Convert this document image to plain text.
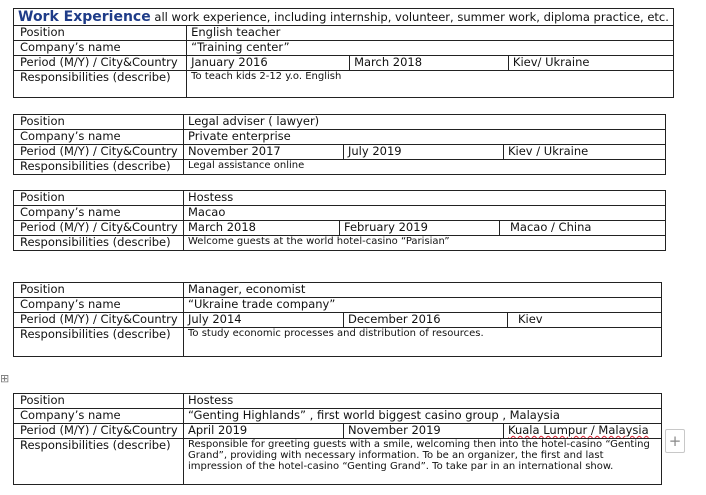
Work Experience all work experience, including internship, volunteer, summer work, diploma practice, etc.			
Position	English teacher		
Company’s name	“Training center”		
Period (M/Y) / City&Country	January 2016	March 2018	Kiev/ Ukraine
Responsibilities (describe)	To teach kids 2-12 y.o. English		
Position	Legal adviser ( lawyer)		
Company’s name	Private enterprise		
Period (M/Y) / City&Country	November 2017	July 2019	Kiev / Ukraine
Responsibilities (describe)	Legal assistance online		
Position	Hostess		
Company’s name	Macao		
Period (M/Y) / City&Country	March 2018	February 2019	Macao / China
Responsibilities (describe)	Welcome guests at the world hotel-casino “Parisian”		
Position	Manager, economist		
Company’s name	“Ukraine trade company”		
Period (M/Y) / City&Country	July 2014	December 2016	Kiev
Responsibilities (describe)	To study economic processes and distribution of resources.		
⊞
Position	Hostess		
Company’s name	“Genting Highlands” , first world biggest casino group , Malaysia		
Period (M/Y) / City&Country	April 2019	November 2019	Kuala Lumpur / Malaysia
Responsibilities (describe)	Responsible for greeting guests with a smile, welcoming then into the hotel-casino “Genting Grand”, providing with necessary information. To be an organizer, the first and last impression of the hotel-casino “Genting Grand”. To take par in an international show.		
+
